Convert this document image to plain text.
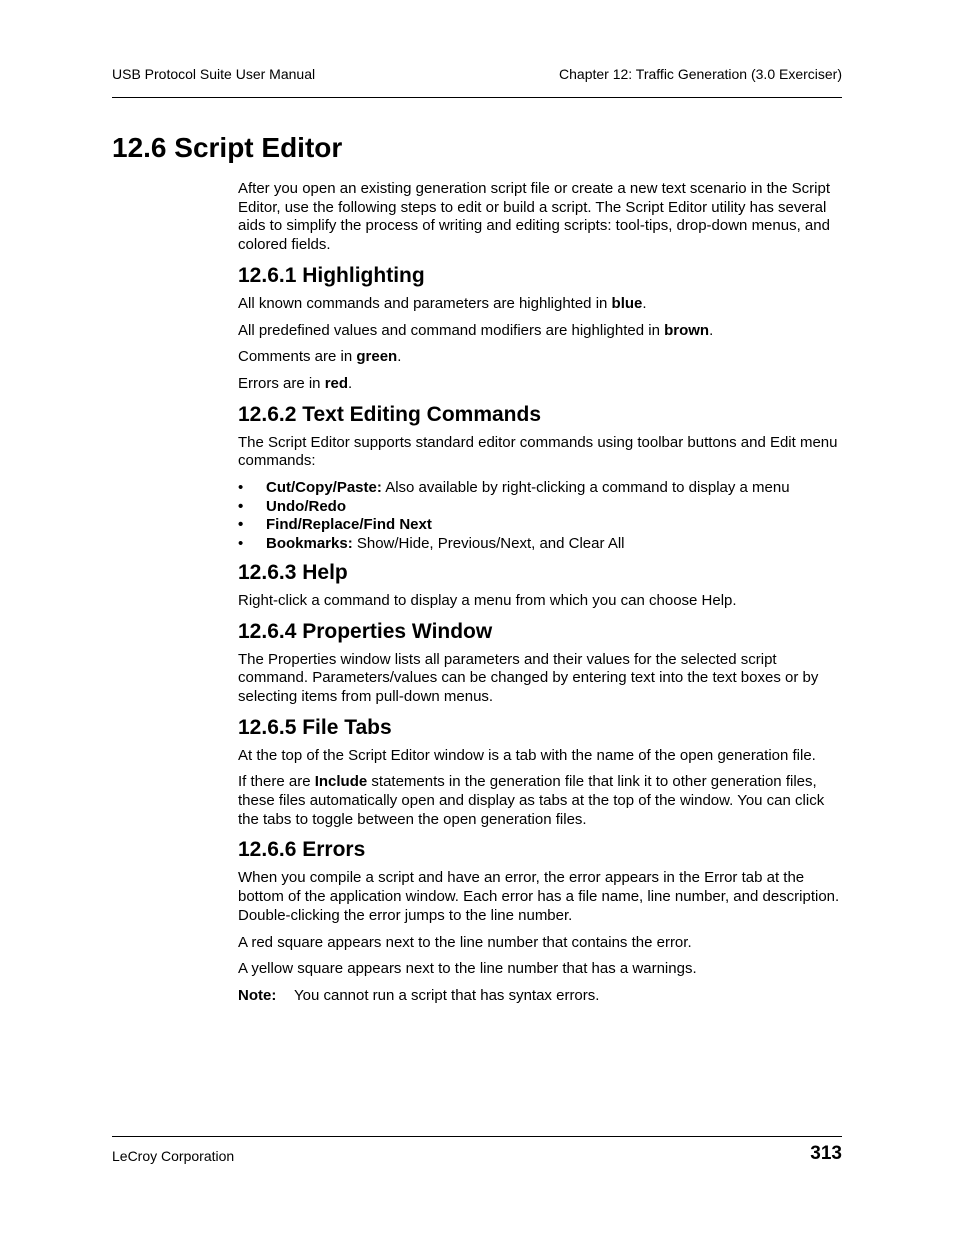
USB Protocol Suite User Manual	Chapter 12: Traffic Generation (3.0 Exerciser)
12.6 Script Editor

After you open an existing generation script file or create a new text scenario in the Script Editor, use the following steps to edit or build a script. The Script Editor utility has several aids to simplify the process of writing and editing scripts: tool-tips, drop-down menus, and colored fields.

12.6.1 Highlighting

All known commands and parameters are highlighted in blue.

All predefined values and command modifiers are highlighted in brown.

Comments are in green.

Errors are in red.

12.6.2 Text Editing Commands

The Script Editor supports standard editor commands using toolbar buttons and Edit menu commands:

• Cut/Copy/Paste: Also available by right-clicking a command to display a menu
• Undo/Redo
• Find/Replace/Find Next
• Bookmarks: Show/Hide, Previous/Next, and Clear All
12.6.3 Help

Right-click a command to display a menu from which you can choose Help.

12.6.4 Properties Window

The Properties window lists all parameters and their values for the selected script command. Parameters/values can be changed by entering text into the text boxes or by selecting items from pull-down menus.

12.6.5 File Tabs

At the top of the Script Editor window is a tab with the name of the open generation file.

If there are Include statements in the generation file that link it to other generation files, these files automatically open and display as tabs at the top of the window. You can click the tabs to toggle between the open generation files.

12.6.6 Errors

When you compile a script and have an error, the error appears in the Error tab at the bottom of the application window. Each error has a file name, line number, and description. Double-clicking the error jumps to the line number.

A red square appears next to the line number that contains the error.

A yellow square appears next to the line number that has a warnings.

Note: You cannot run a script that has syntax errors.

LeCroy Corporation	313
